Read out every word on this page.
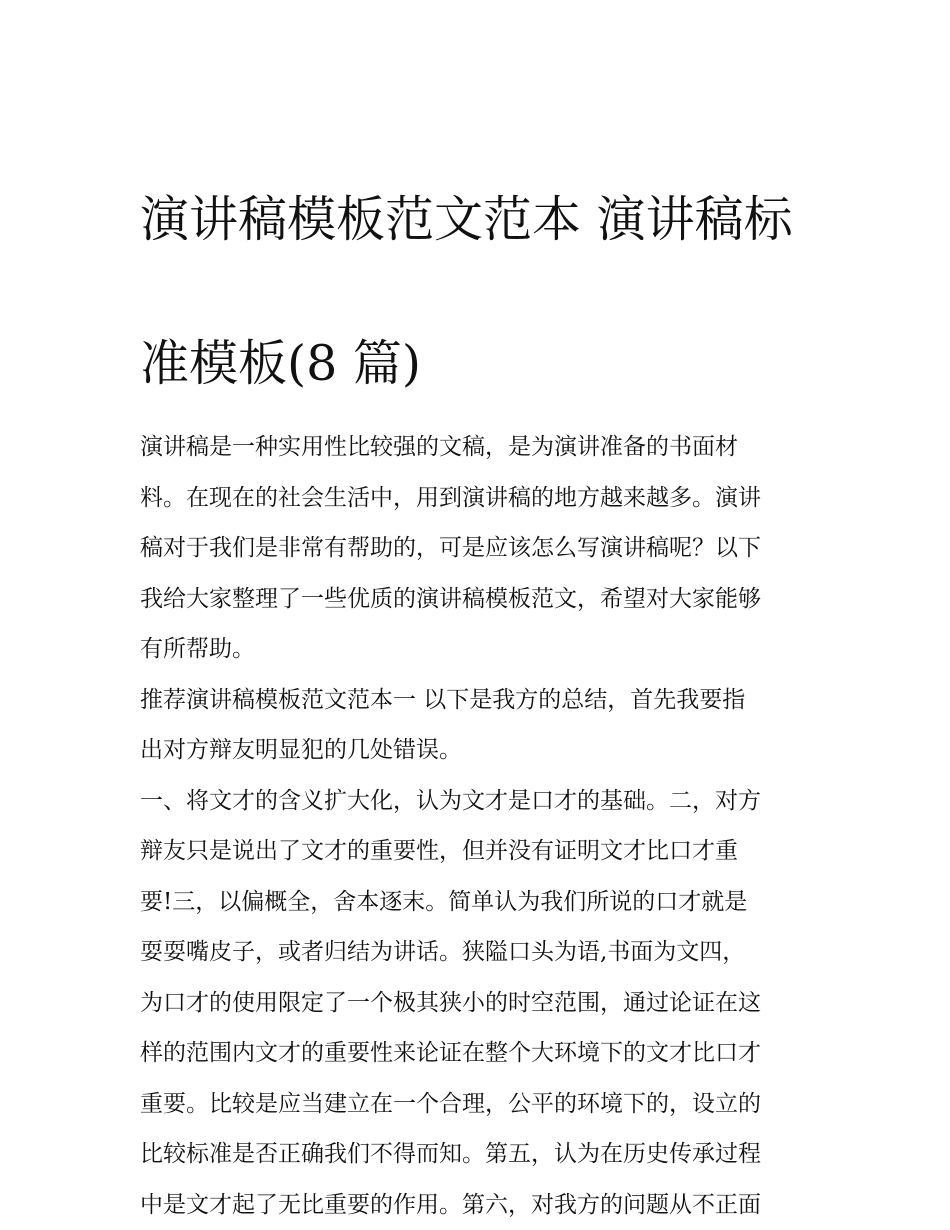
演讲稿模板范文范本 演讲稿标

准模板(8 篇)

演讲稿是一种实用性比较强的文稿，是为演讲准备的书面材
料。在现在的社会生活中，用到演讲稿的地方越来越多。演讲
稿对于我们是非常有帮助的，可是应该怎么写演讲稿呢？以下
我给大家整理了一些优质的演讲稿模板范文，希望对大家能够
有所帮助。
推荐演讲稿模板范文范本一 以下是我方的总结，首先我要指
出对方辩友明显犯的几处错误。
一、将文才的含义扩大化，认为文才是口才的基础。二，对方
辩友只是说出了文才的重要性，但并没有证明文才比口才重
要!三，以偏概全，舍本逐末。简单认为我们所说的口才就是
耍耍嘴皮子，或者归结为讲话。狭隘口头为语,书面为文四，
为口才的使用限定了一个极其狭小的时空范围，通过论证在这
样的范围内文才的重要性来论证在整个大环境下的文才比口才
重要。比较是应当建立在一个合理，公平的环境下的，设立的
比较标准是否正确我们不得而知。第五，认为在历史传承过程
中是文才起了无比重要的作用。第六，对我方的问题从不正面
